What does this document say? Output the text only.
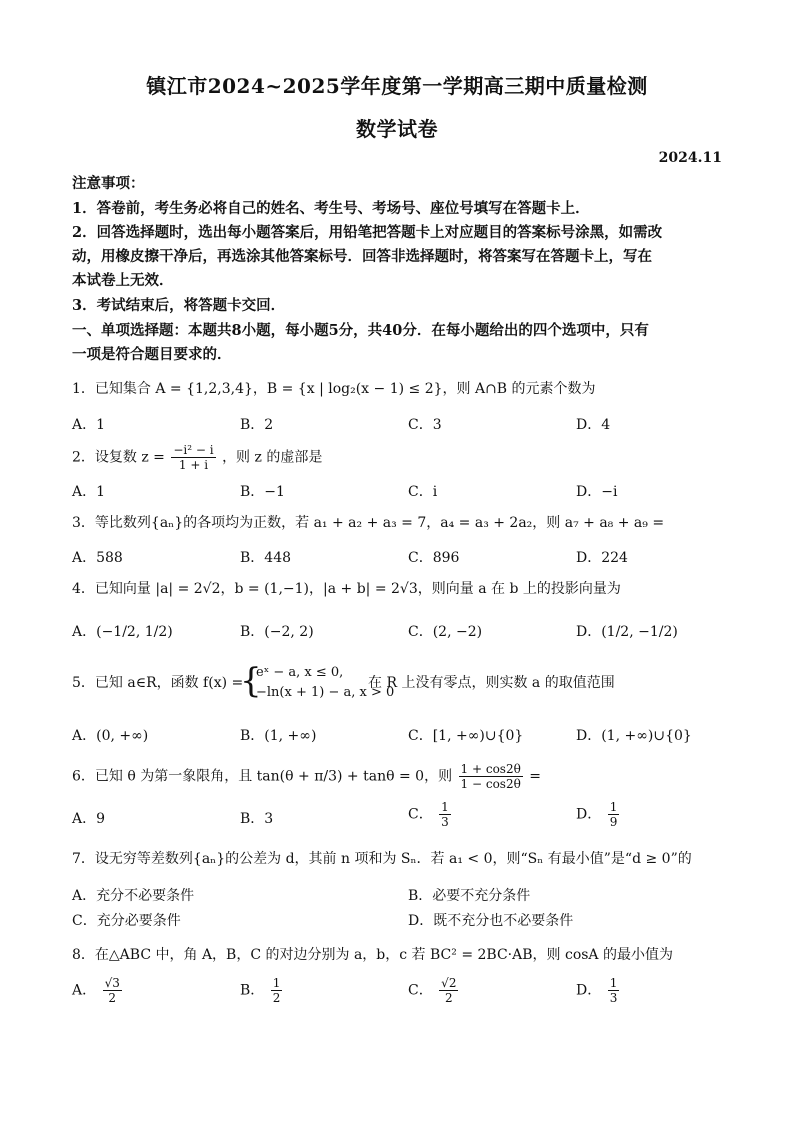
镇江市2024~2025学年度第一学期高三期中质量检测
数学试卷
2024.11
注意事项：
1．答卷前，考生务必将自己的姓名、考生号、考场号、座位号填写在答题卡上．
2．回答选择题时，选出每小题答案后，用铅笔把答题卡上对应题目的答案标号涂黑，如需改
动，用橡皮擦干净后，再选涂其他答案标号．回答非选择题时，将答案写在答题卡上，写在
本试卷上无效．
3．考试结束后，将答题卡交回．
一、单项选择题：本题共8小题，每小题5分，共40分．在每小题给出的四个选项中，只有
一项是符合题目要求的．
1．已知集合 A = {1,2,3,4}，B = {x | log₂(x − 1) ≤ 2}，则 A∩B 的元素个数为
A．1	B．2	C．3	D．4
2．设复数 $z = \frac{\text{−i² − i}}{1 + i}$ ，则 z 的虚部是
A．1	B．−1	C．i	D．−i
3．等比数列{aₙ}的各项均为正数，若 a₁ + a₂ + a₃ = 7，a₄ = a₃ + 2a₂，则 a₇ + a₈ + a₉ =
A．588	B．448	C．896	D．224
4．已知向量 |a| = 2√2，b = (1,−1)，|a + b| = 2√3，则向量 a 在 b 上的投影向量为
A．(−1/2, 1/2)	B．(−2, 2)	C．(2, −2)	D．(1/2, −1/2)
5．已知 a∈R，函数 f(x) =
{
eˣ − a, x ≤ 0,
−ln(x + 1) − a, x > 0
在 R 上没有零点，则实数 a 的取值范围
A．(0, +∞)	B．(1, +∞)	C．[1, +∞)∪{0}	D．(1, +∞)∪{0}
6．已知 θ 为第一象限角，且 tan(θ + π/3) + tanθ = 0，则 $\frac{1 + \cos 2\theta}{1 - \cos 2\theta}$ =
A．9	B．3	C． $\frac{1}{3}$	D． $\frac{1}{9}$
7．设无穷等差数列{aₙ}的公差为 d，其前 n 项和为 Sₙ．若 a₁ < 0，则“Sₙ 有最小值”是“d ≥ 0”的
A．充分不必要条件	B．必要不充分条件
C．充分必要条件	D．既不充分也不必要条件
8．在△ABC 中，角 A，B，C 的对边分别为 a，b，c 若 BC² = 2BC·AB，则 cosA 的最小值为
A． $\frac{√3}{2}$	B． $\frac{1}{2}$	C． $\frac{√2}{2}$	D． $\frac{1}{3}$
